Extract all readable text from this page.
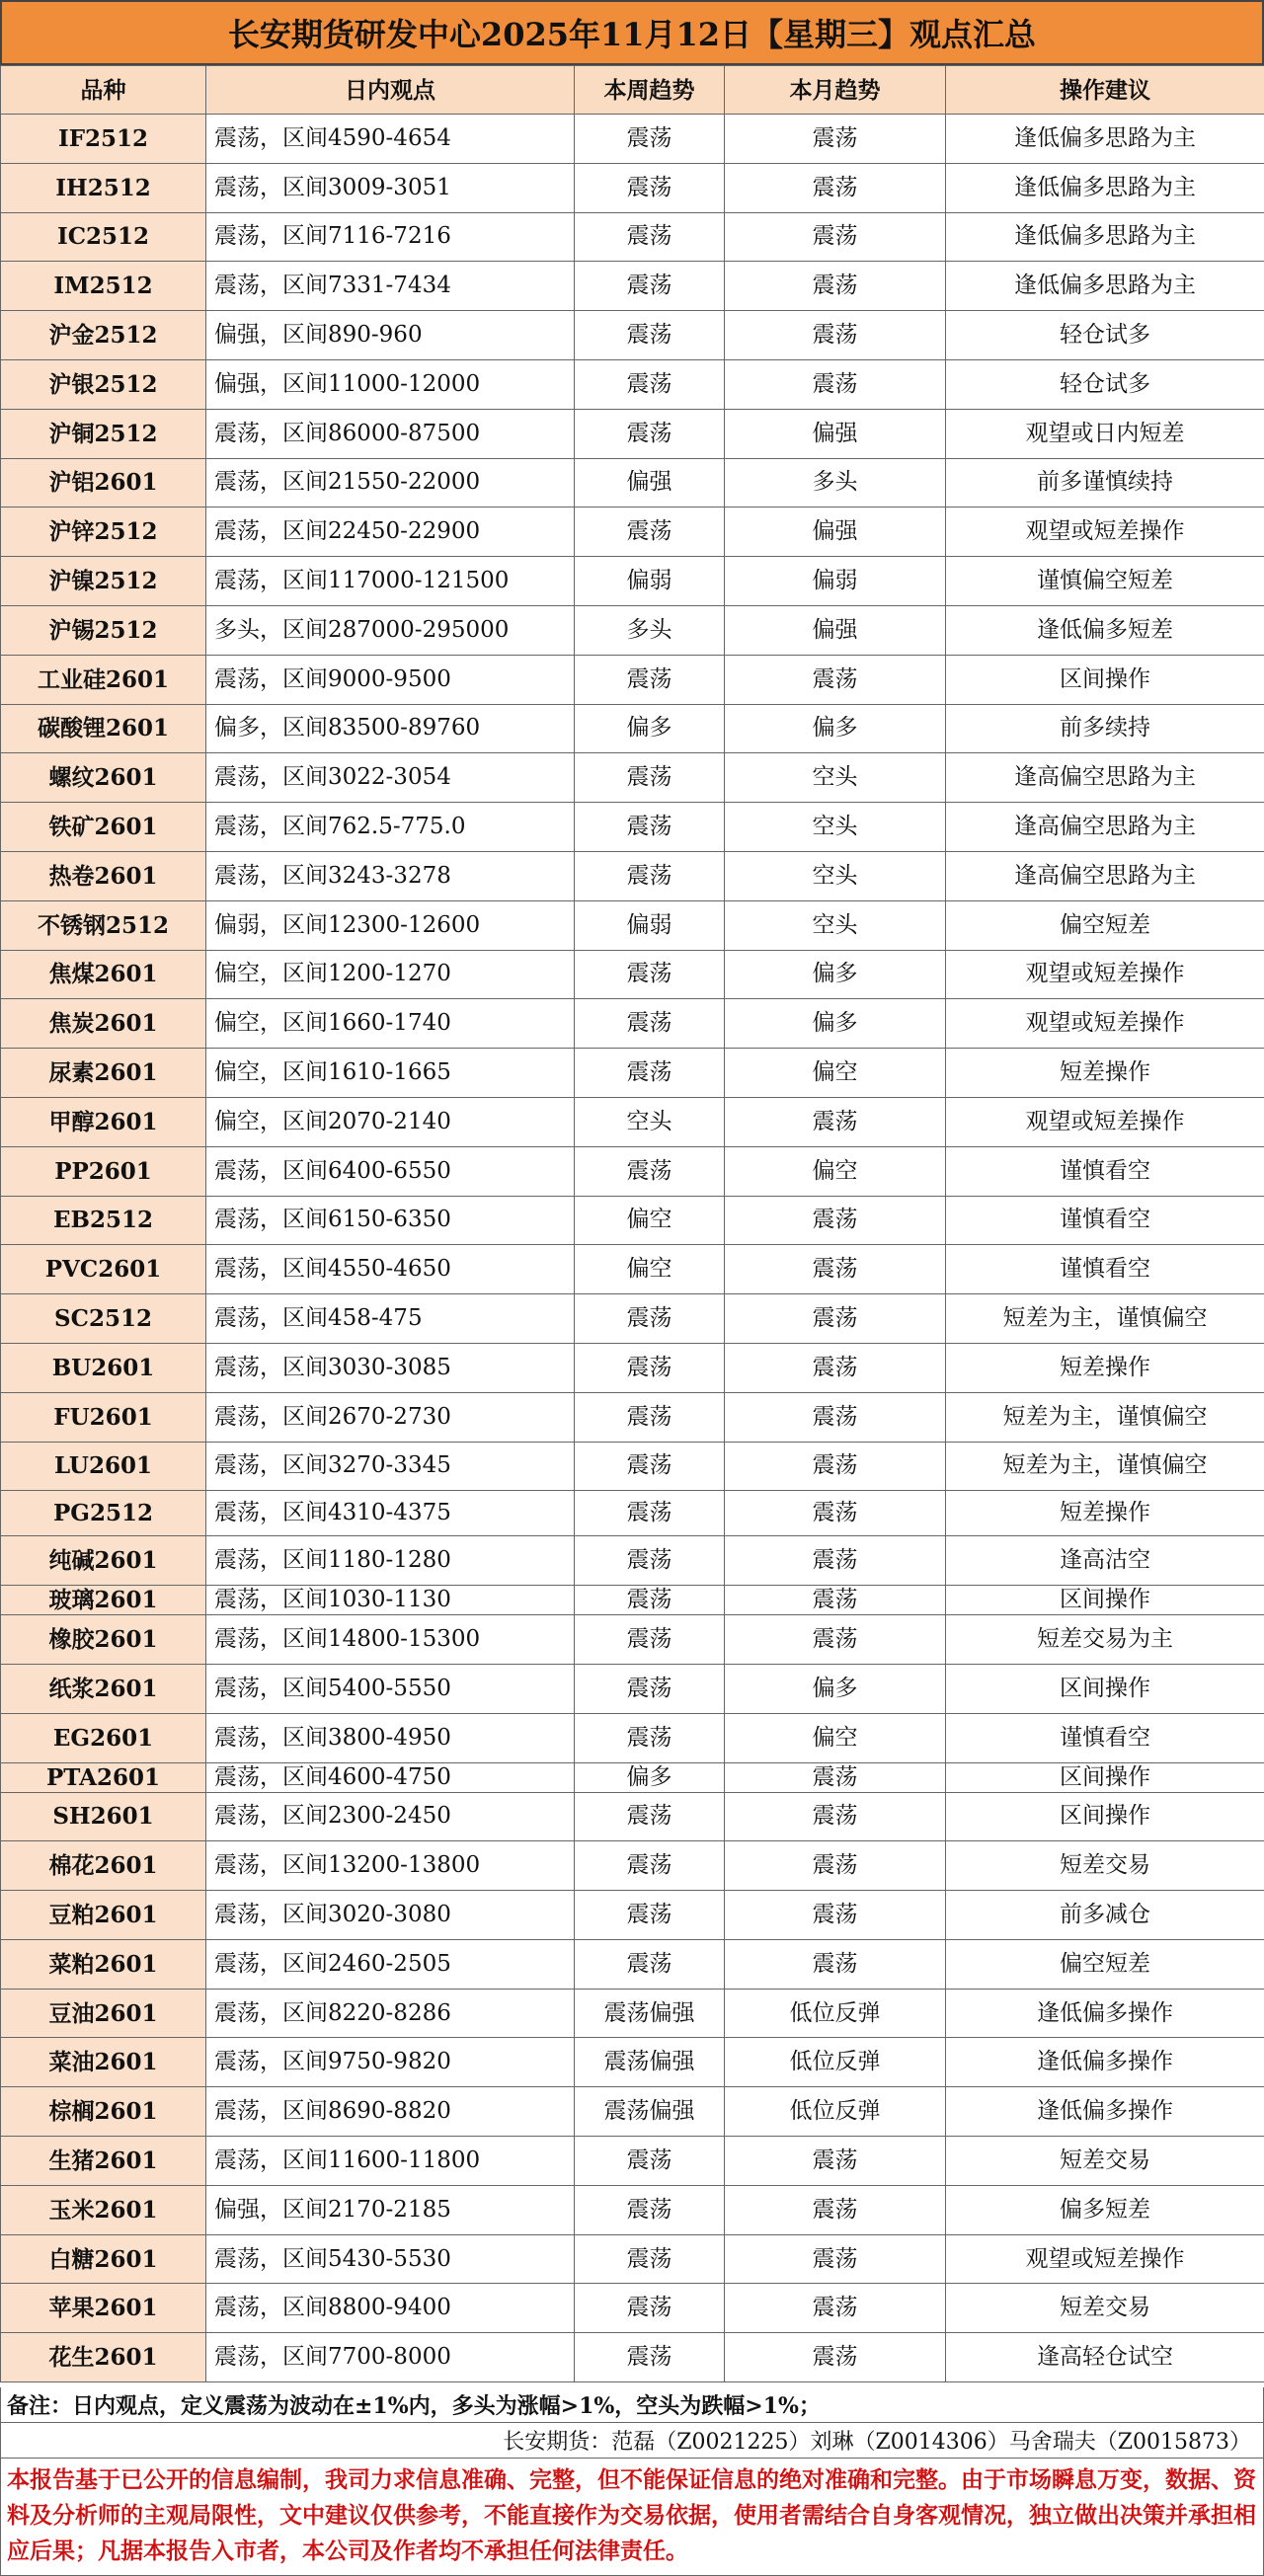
长安期货研发中心2025年11月12日【星期三】观点汇总
品种	日内观点	本周趋势	本月趋势	操作建议
IF2512	震荡，区间4590-4654	震荡	震荡	逢低偏多思路为主
IH2512	震荡，区间3009-3051	震荡	震荡	逢低偏多思路为主
IC2512	震荡，区间7116-7216	震荡	震荡	逢低偏多思路为主
IM2512	震荡，区间7331-7434	震荡	震荡	逢低偏多思路为主
沪金2512	偏强，区间890-960	震荡	震荡	轻仓试多
沪银2512	偏强，区间11000-12000	震荡	震荡	轻仓试多
沪铜2512	震荡，区间86000-87500	震荡	偏强	观望或日内短差
沪铝2601	震荡，区间21550-22000	偏强	多头	前多谨慎续持
沪锌2512	震荡，区间22450-22900	震荡	偏强	观望或短差操作
沪镍2512	震荡，区间117000-121500	偏弱	偏弱	谨慎偏空短差
沪锡2512	多头，区间287000-295000	多头	偏强	逢低偏多短差
工业硅2601	震荡，区间9000-9500	震荡	震荡	区间操作
碳酸锂2601	偏多，区间83500-89760	偏多	偏多	前多续持
螺纹2601	震荡，区间3022-3054	震荡	空头	逢高偏空思路为主
铁矿2601	震荡，区间762.5-775.0	震荡	空头	逢高偏空思路为主
热卷2601	震荡，区间3243-3278	震荡	空头	逢高偏空思路为主
不锈钢2512	偏弱，区间12300-12600	偏弱	空头	偏空短差
焦煤2601	偏空，区间1200-1270	震荡	偏多	观望或短差操作
焦炭2601	偏空，区间1660-1740	震荡	偏多	观望或短差操作
尿素2601	偏空，区间1610-1665	震荡	偏空	短差操作
甲醇2601	偏空，区间2070-2140	空头	震荡	观望或短差操作
PP2601	震荡，区间6400-6550	震荡	偏空	谨慎看空
EB2512	震荡，区间6150-6350	偏空	震荡	谨慎看空
PVC2601	震荡，区间4550-4650	偏空	震荡	谨慎看空
SC2512	震荡，区间458-475	震荡	震荡	短差为主，谨慎偏空
BU2601	震荡，区间3030-3085	震荡	震荡	短差操作
FU2601	震荡，区间2670-2730	震荡	震荡	短差为主，谨慎偏空
LU2601	震荡，区间3270-3345	震荡	震荡	短差为主，谨慎偏空
PG2512	震荡，区间4310-4375	震荡	震荡	短差操作
纯碱2601	震荡，区间1180-1280	震荡	震荡	逢高沽空
玻璃2601	震荡，区间1030-1130	震荡	震荡	区间操作
橡胶2601	震荡，区间14800-15300	震荡	震荡	短差交易为主
纸浆2601	震荡，区间5400-5550	震荡	偏多	区间操作
EG2601	震荡，区间3800-4950	震荡	偏空	谨慎看空
PTA2601	震荡，区间4600-4750	偏多	震荡	区间操作
SH2601	震荡，区间2300-2450	震荡	震荡	区间操作
棉花2601	震荡，区间13200-13800	震荡	震荡	短差交易
豆粕2601	震荡，区间3020-3080	震荡	震荡	前多减仓
菜粕2601	震荡，区间2460-2505	震荡	震荡	偏空短差
豆油2601	震荡，区间8220-8286	震荡偏强	低位反弹	逢低偏多操作
菜油2601	震荡，区间9750-9820	震荡偏强	低位反弹	逢低偏多操作
棕榈2601	震荡，区间8690-8820	震荡偏强	低位反弹	逢低偏多操作
生猪2601	震荡，区间11600-11800	震荡	震荡	短差交易
玉米2601	偏强，区间2170-2185	震荡	震荡	偏多短差
白糖2601	震荡，区间5430-5530	震荡	震荡	观望或短差操作
苹果2601	震荡，区间8800-9400	震荡	震荡	短差交易
花生2601	震荡，区间7700-8000	震荡	震荡	逢高轻仓试空
备注：日内观点，定义震荡为波动在±1%内，多头为涨幅>1%，空头为跌幅>1%；
长安期货：范磊（Z0021225）刘琳（Z0014306）马舍瑞夫（Z0015873）
本报告基于已公开的信息编制，我司力求信息准确、完整，但不能保证信息的绝对准确和完整。由于市场瞬息万变，数据、资料及分析师的主观局限性，文中建议仅供参考，不能直接作为交易依据，使用者需结合自身客观情况，独立做出决策并承担相应后果；凡据本报告入市者，本公司及作者均不承担任何法律责任。
